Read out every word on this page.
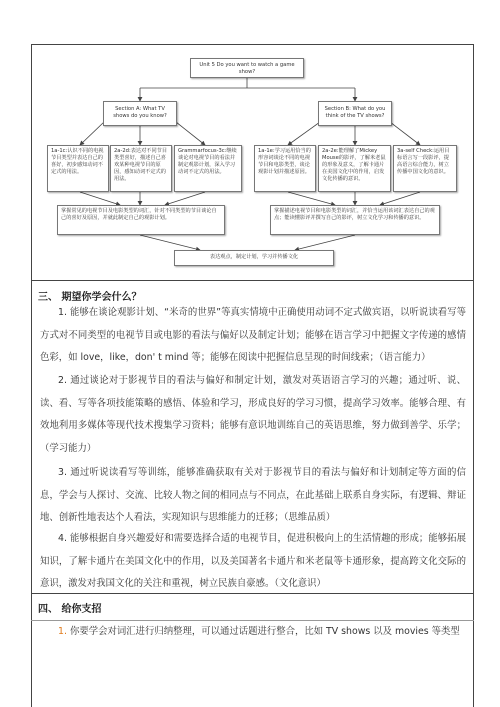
Unit 5 Do you want to watch a game show?
Section A: What TV shows do you know?
Section B: What do you think of the TV shows?
1a-1c:认识不同的电视节目类型并表达自己的喜好，初步感知动词不定式的用法。
2a-2d:表达对不同节目类型喜好，描述自己喜欢某种电视节目的原因，感知动词不定式的用法。
Grammarfocus-3c:继续谈论对电视节目的看法并制定观影计划，深入学习动词不定式的用法。
1a-1e:学习运用恰当的形容词谈论不同的电视节目和电影类型，谈论观影计划并描述原因。
2a-2e:能理解了Mickey Mouse的影评，了解米老鼠的形象及意义，了解卡通片在美国文化中的作用，启发文化传播的意识。
3a-self Check:运用目标语言写一段影评，提高语言综合能力，树立传播中国文化的意识。
掌握常见的电视节目及电影类型的词汇，针对不同类型的节目谈论自己的喜好及原因，并就此制定自己的观影计划。
掌握描述电视节目和电影类型的词汇，并恰当运用该词汇表达自己的观点；能读懂影评并撰写自己的影评，树立文化学习和传播的意识。
表达观点，制定计划，学习并传播文化
三、 期望你学会什么？

1. 能够在谈论观影计划、“米奇的世界”等真实情境中正确使用动词不定式做宾语，以听说读看写等方式对不同类型的电视节目或电影的看法与偏好以及制定计划；能够在语言学习中把握文字传递的感情色彩，如 love，like，don' t mind 等；能够在阅读中把握信息呈现的时间线索；（语言能力）

2. 通过谈论对于影视节目的看法与偏好和制定计划，激发对英语语言学习的兴趣；通过听、说、读、看、写等各项技能策略的感悟、体验和学习，形成良好的学习习惯，提高学习效率。能够合理、有效地利用多媒体等现代技术搜集学习资料；能够有意识地训练自己的英语思维，努力做到善学、乐学；（学习能力）

3. 通过听说读看写等训练，能够准确获取有关对于影视节目的看法与偏好和计划制定等方面的信息，学会与人探讨、交流、比较人物之间的相同点与不同点，在此基础上联系自身实际，有逻辑、辩证地、创新性地表达个人看法，实现知识与思维能力的迁移；（思维品质）

4. 能够根据自身兴趣爱好和需要选择合适的电视节目，促进积极向上的生活情趣的形成；能够拓展知识，了解卡通片在美国文化中的作用，以及美国著名卡通片和米老鼠等卡通形象，提高跨文化交际的意识，激发对我国文化的关注和重视，树立民族自豪感。（文化意识）

四、 给你支招

1. 你要学会对词汇进行归纳整理，可以通过话题进行整合，比如 TV shows 以及 movies 等类型
